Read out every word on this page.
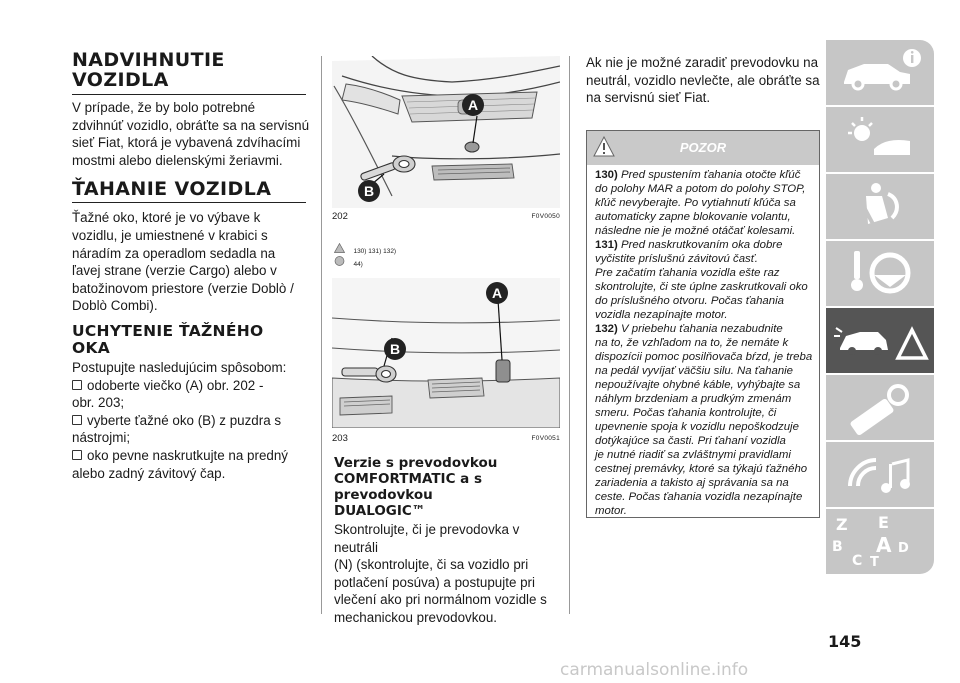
NADVIHNUTIE
VOZIDLA
V prípade, že by bolo potrebné
zdvihnúť vozidlo, obráťte sa na servisnú
sieť Fiat, ktorá je vybavená zdvíhacími
mostmi alebo dielenskými žeriavmi.
ŤAHANIE VOZIDLA
Ťažné oko, ktoré je vo výbave k
vozidlu, je umiestnené v krabici s
náradím za operadlom sedadla na
ľavej strane (verzie Cargo) alebo v
batožinovom priestore (verzie Doblò /
Doblò Combi).
UCHYTENIE ŤAŽNÉHO
OKA
Postupujte nasledujúcim spôsobom:
odoberte viečko (A) obr. 202 -
obr. 203;
vyberte ťažné oko (B) z puzdra s
nástrojmi;
oko pevne naskrutkujte na predný
alebo zadný závitový čap.
A
B
202	F0V0050
130) 131) 132)
44)
A
B
203	F0V0051
Verzie s prevodovkou
COMFORTMATIC a s prevodovkou
DUALOGIC™
Skontrolujte, či je prevodovka v neutráli
(N) (skontrolujte, či sa vozidlo pri
potlačení posúva) a postupujte pri
vlečení ako pri normálnom vozidle s
mechanickou prevodovkou.
Ak nie je možné zaradiť prevodovku na
neutrál, vozidlo nevlečte, ale obráťte sa
na servisnú sieť Fiat.
POZOR
130) Pred spustením ťahania otočte kľúč
do polohy MAR a potom do polohy STOP,
kľúč nevyberajte. Po vytiahnutí kľúča sa
automaticky zapne blokovanie volantu,
následne nie je možné otáčať kolesami.
131) Pred naskrutkovaním oka dobre
vyčistite príslušnú závitovú časť.
Pre začatím ťahania vozidla ešte raz
skontrolujte, či ste úplne zaskrutkovali oko
do príslušného otvoru. Počas ťahania
vozidla nezapínajte motor.
132) V priebehu ťahania nezabudnite
na to, že vzhľadom na to, že nemáte k
dispozícii pomoc posilňovača bŕzd, je treba
na pedál vyvíjať väčšiu silu. Na ťahanie
nepoužívajte ohybné káble, vyhýbajte sa
náhlym brzdeniam a prudkým zmenám
smeru. Počas ťahania kontrolujte, či
upevnenie spoja k vozidlu nepoškodzuje
dotýkajúce sa časti. Pri ťahaní vozidla
je nutné riadiť sa zvláštnymi pravidlami
cestnej premávky, ktoré sa týkajú ťažného
zariadenia a takisto aj správania sa na
ceste. Počas ťahania vozidla nezapínajte
motor.
Z E
B A D
C T
145
carmanualsonline.info
